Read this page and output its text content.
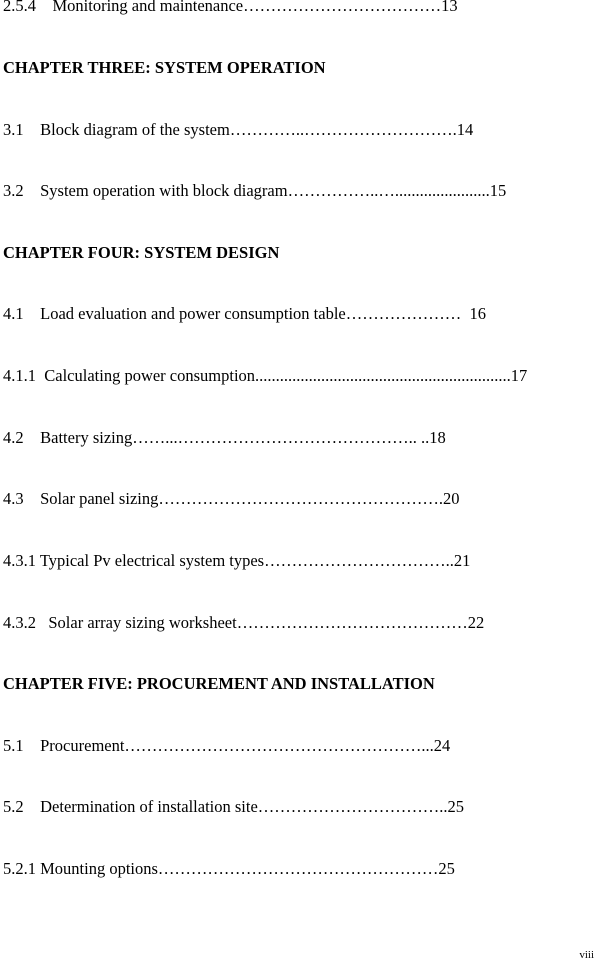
2.5.4    Monitoring and maintenance………………………………13
CHAPTER THREE: SYSTEM OPERATION
3.1    Block diagram of the system…………..……………………….14
3.2    System operation with block diagram……………..….......................15
CHAPTER FOUR: SYSTEM DESIGN
4.1    Load evaluation and power consumption table…………………  16
4.1.1  Calculating power consumption..............................................................17
4.2    Battery sizing……...…………………………………….. ..18
4.3    Solar panel sizing…………………………………………….20
4.3.1 Typical Pv electrical system types……………………………..21
4.3.2   Solar array sizing worksheet……………………………………22
CHAPTER FIVE: PROCUREMENT AND INSTALLATION
5.1    Procurement………………………………………………...24
5.2    Determination of installation site……………………………..25
5.2.1 Mounting options……………………………………………25
viii
